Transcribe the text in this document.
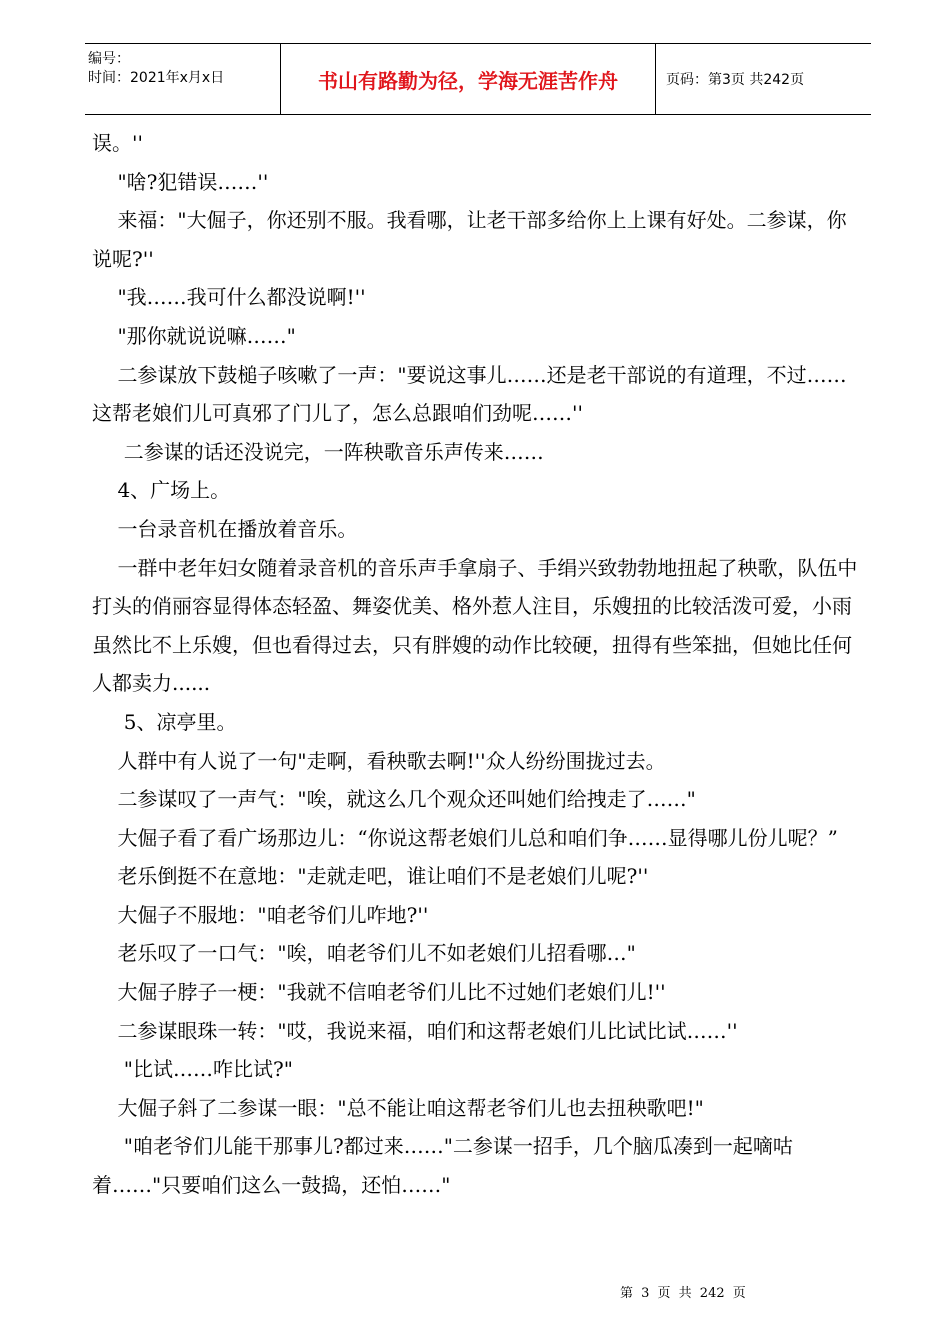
编号：
时间：2021年x月x日	书山有路勤为径，学海无涯苦作舟	页码：第3页 共242页

误。''

"啥?犯错误……''

来福："大倔子，你还别不服。我看哪，让老干部多给你上上课有好处。二参谋，你说呢?''

"我……我可什么都没说啊!''

"那你就说说嘛……"

二参谋放下鼓槌子咳嗽了一声："要说这事儿……还是老干部说的有道理，不过……这帮老娘们儿可真邪了门儿了，怎么总跟咱们劲呢……''

二参谋的话还没说完，一阵秧歌音乐声传来……

4、广场上。

一台录音机在播放着音乐。

一群中老年妇女随着录音机的音乐声手拿扇子、手绢兴致勃勃地扭起了秧歌，队伍中打头的俏丽容显得体态轻盈、舞姿优美、格外惹人注目，乐嫂扭的比较活泼可爱，小雨虽然比不上乐嫂，但也看得过去，只有胖嫂的动作比较硬，扭得有些笨拙，但她比任何人都卖力......

5、凉亭里。

人群中有人说了一句"走啊，看秧歌去啊!''众人纷纷围拢过去。

二参谋叹了一声气："唉，就这么几个观众还叫她们给拽走了……"

大倔子看了看广场那边儿：“你说这帮老娘们儿总和咱们争……显得哪儿份儿呢？”

老乐倒挺不在意地："走就走吧，谁让咱们不是老娘们儿呢?''

大倔子不服地："咱老爷们儿咋地?''

老乐叹了一口气："唉，咱老爷们儿不如老娘们儿招看哪…"

大倔子脖子一梗："我就不信咱老爷们儿比不过她们老娘们儿!''

二参谋眼珠一转："哎，我说来福，咱们和这帮老娘们儿比试比试……''

"比试……咋比试?"

大倔子斜了二参谋一眼："总不能让咱这帮老爷们儿也去扭秧歌吧!"

"咱老爷们儿能干那事儿?都过来……"二参谋一招手，几个脑瓜凑到一起嘀咕着……"只要咱们这么一鼓捣，还怕……"

第 3 页 共 242 页
